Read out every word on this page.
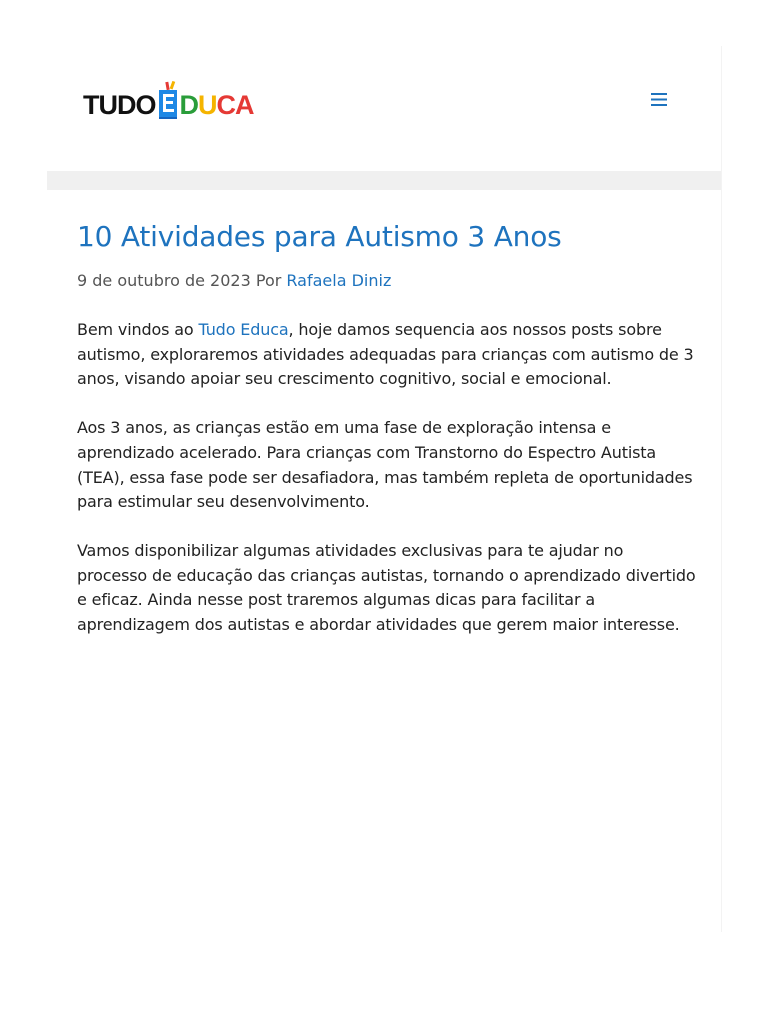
TUDO D U C A
10 Atividades para Autismo 3 Anos
9 de outubro de 2023 Por Rafaela Diniz

Bem vindos ao Tudo Educa, hoje damos sequencia aos nossos posts sobre autismo, exploraremos atividades adequadas para crianças com autismo de 3 anos, visando apoiar seu crescimento cognitivo, social e emocional.

Aos 3 anos, as crianças estão em uma fase de exploração intensa e aprendizado acelerado. Para crianças com Transtorno do Espectro Autista (TEA), essa fase pode ser desafiadora, mas também repleta de oportunidades para estimular seu desenvolvimento.

Vamos disponibilizar algumas atividades exclusivas para te ajudar no processo de educação das crianças autistas, tornando o aprendizado divertido e eficaz. Ainda nesse post traremos algumas dicas para facilitar a aprendizagem dos autistas e abordar atividades que gerem maior interesse.
